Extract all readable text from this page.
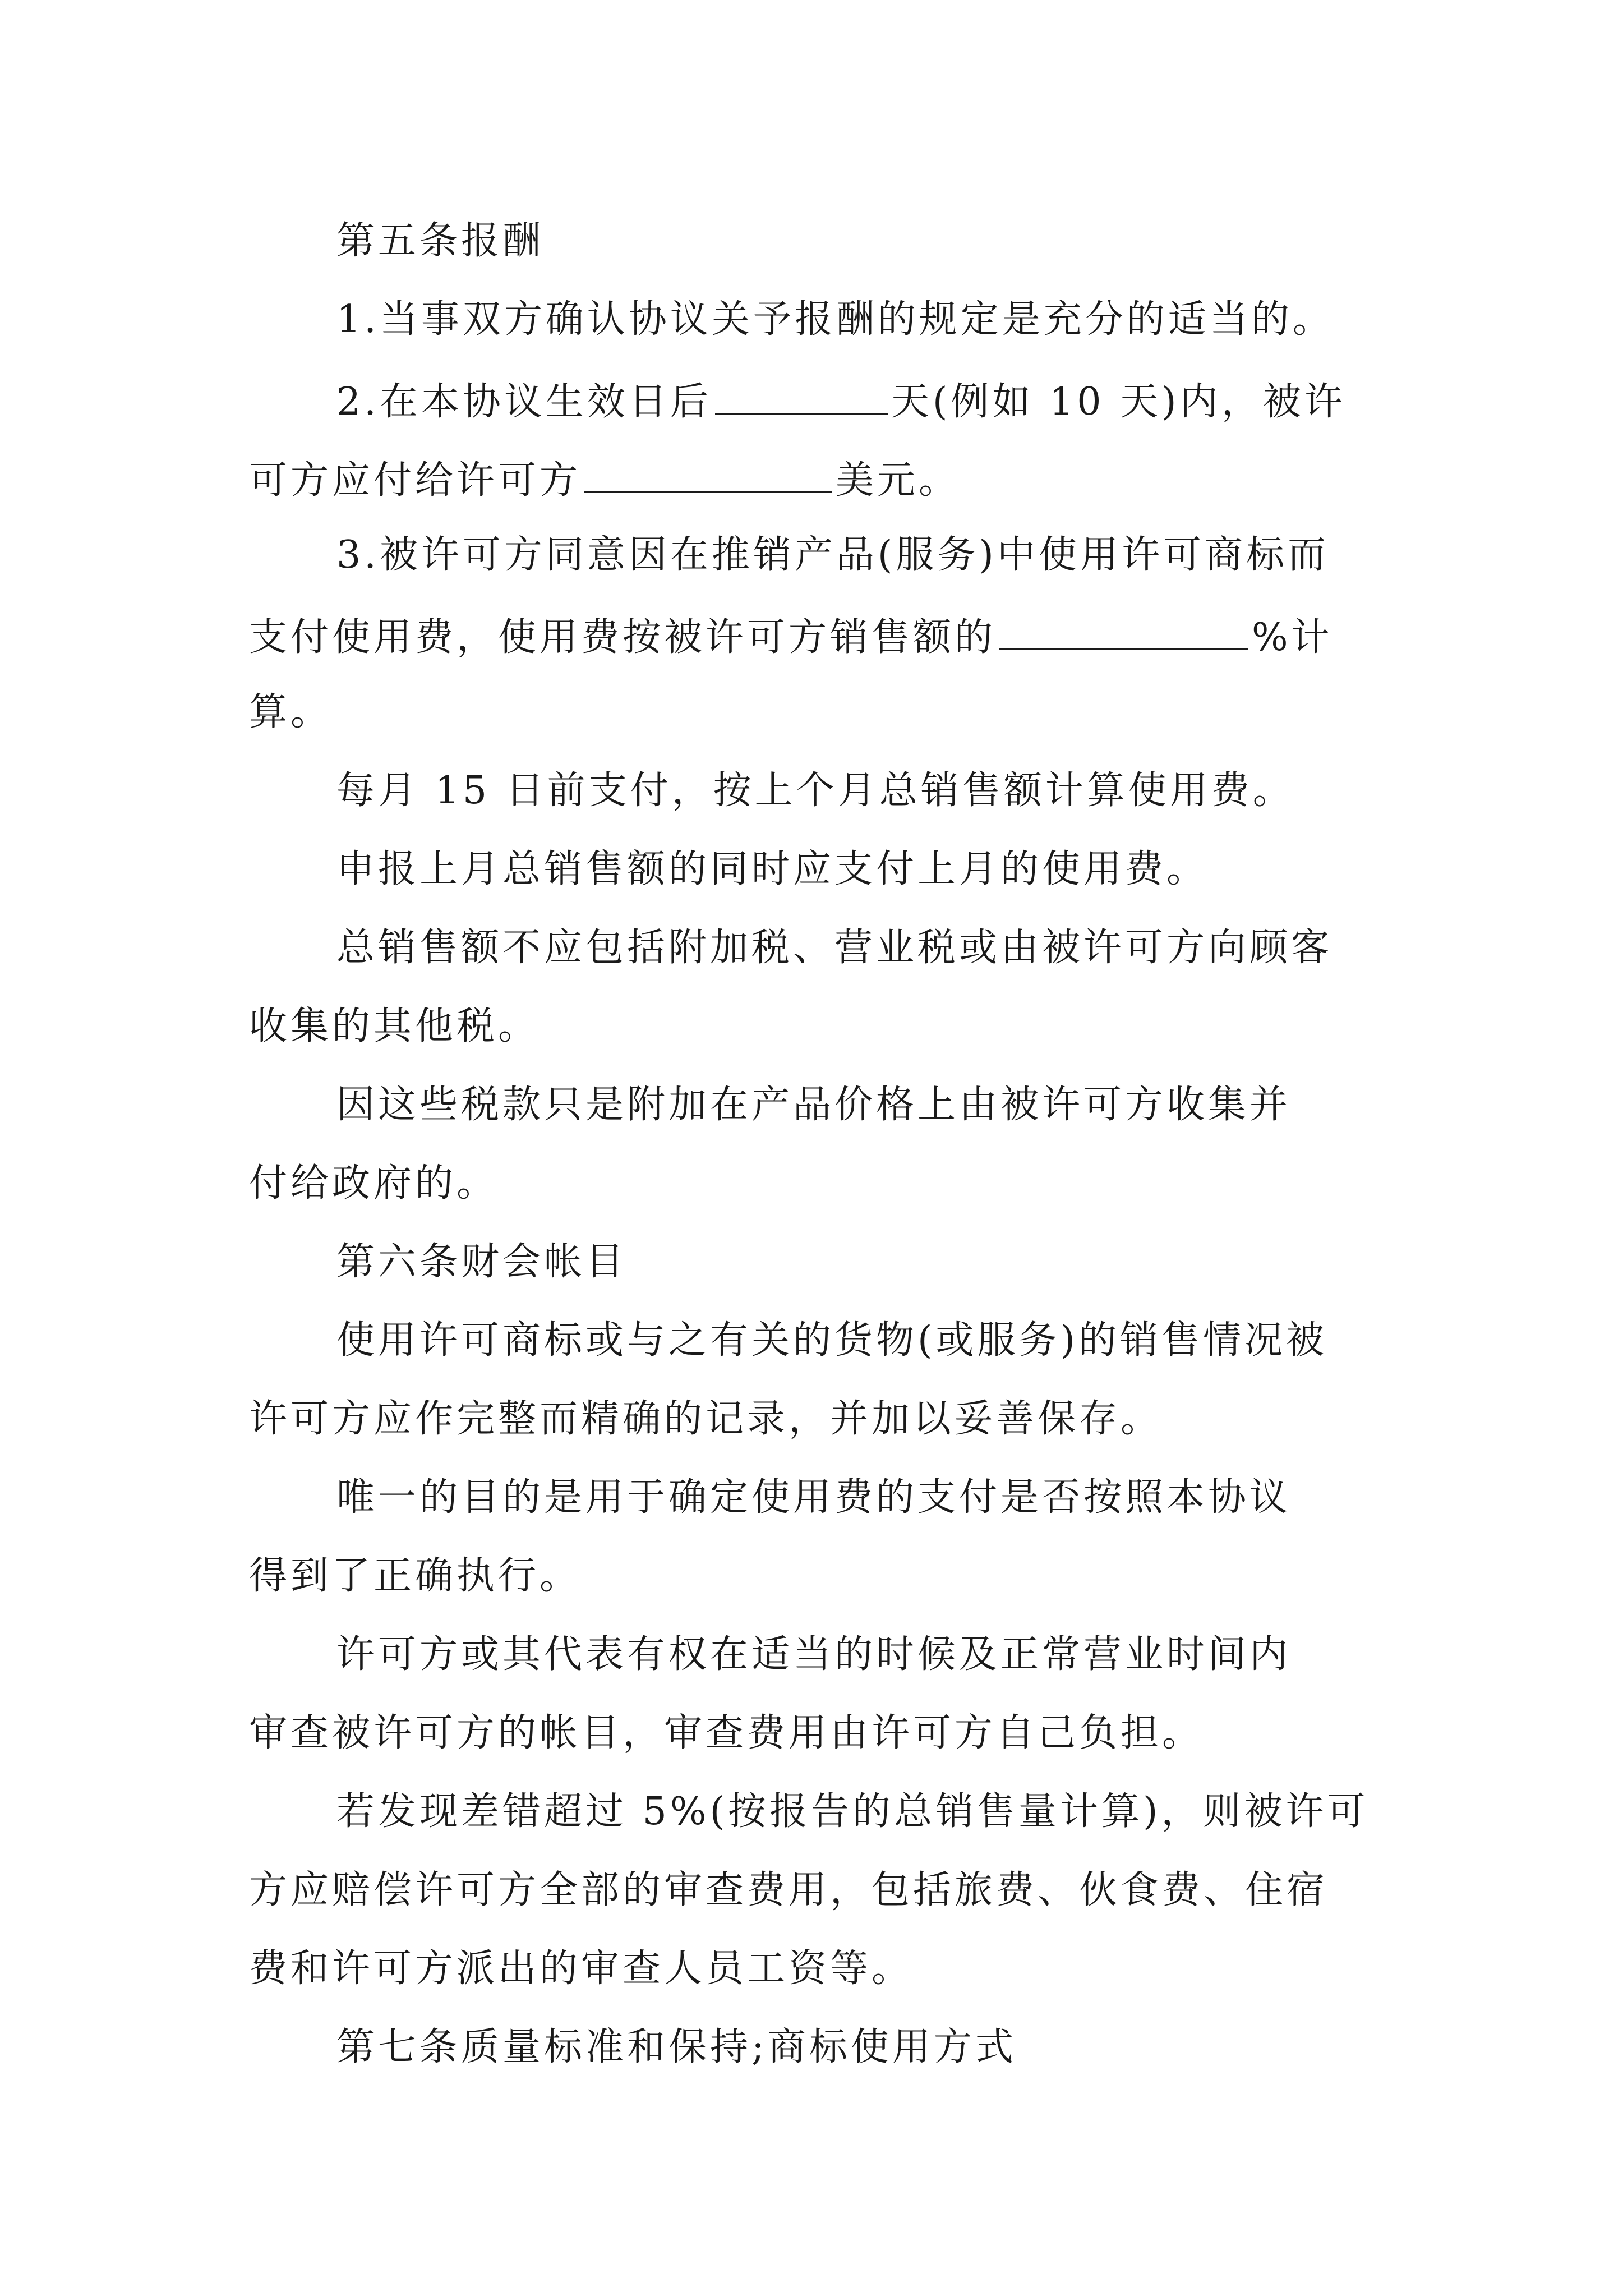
第五条报酬
1.当事双方确认协议关予报酬的规定是充分的适当的。
2.在本协议生效日后	天(例如 10 天)内，被许
可方应付给许可方	美元。
3.被许可方同意因在推销产品(服务)中使用许可商标而
支付使用费，使用费按被许可方销售额的	%计
算。
每月 15 日前支付，按上个月总销售额计算使用费。
申报上月总销售额的同时应支付上月的使用费。
总销售额不应包括附加税、营业税或由被许可方向顾客
收集的其他税。
因这些税款只是附加在产品价格上由被许可方收集并
付给政府的。
第六条财会帐目
使用许可商标或与之有关的货物(或服务)的销售情况被
许可方应作完整而精确的记录，并加以妥善保存。
唯一的目的是用于确定使用费的支付是否按照本协议
得到了正确执行。
许可方或其代表有权在适当的时候及正常营业时间内
审查被许可方的帐目，审查费用由许可方自己负担。
若发现差错超过 5%(按报告的总销售量计算)，则被许可
方应赔偿许可方全部的审查费用，包括旅费、伙食费、住宿
费和许可方派出的审查人员工资等。
第七条质量标准和保持;商标使用方式
